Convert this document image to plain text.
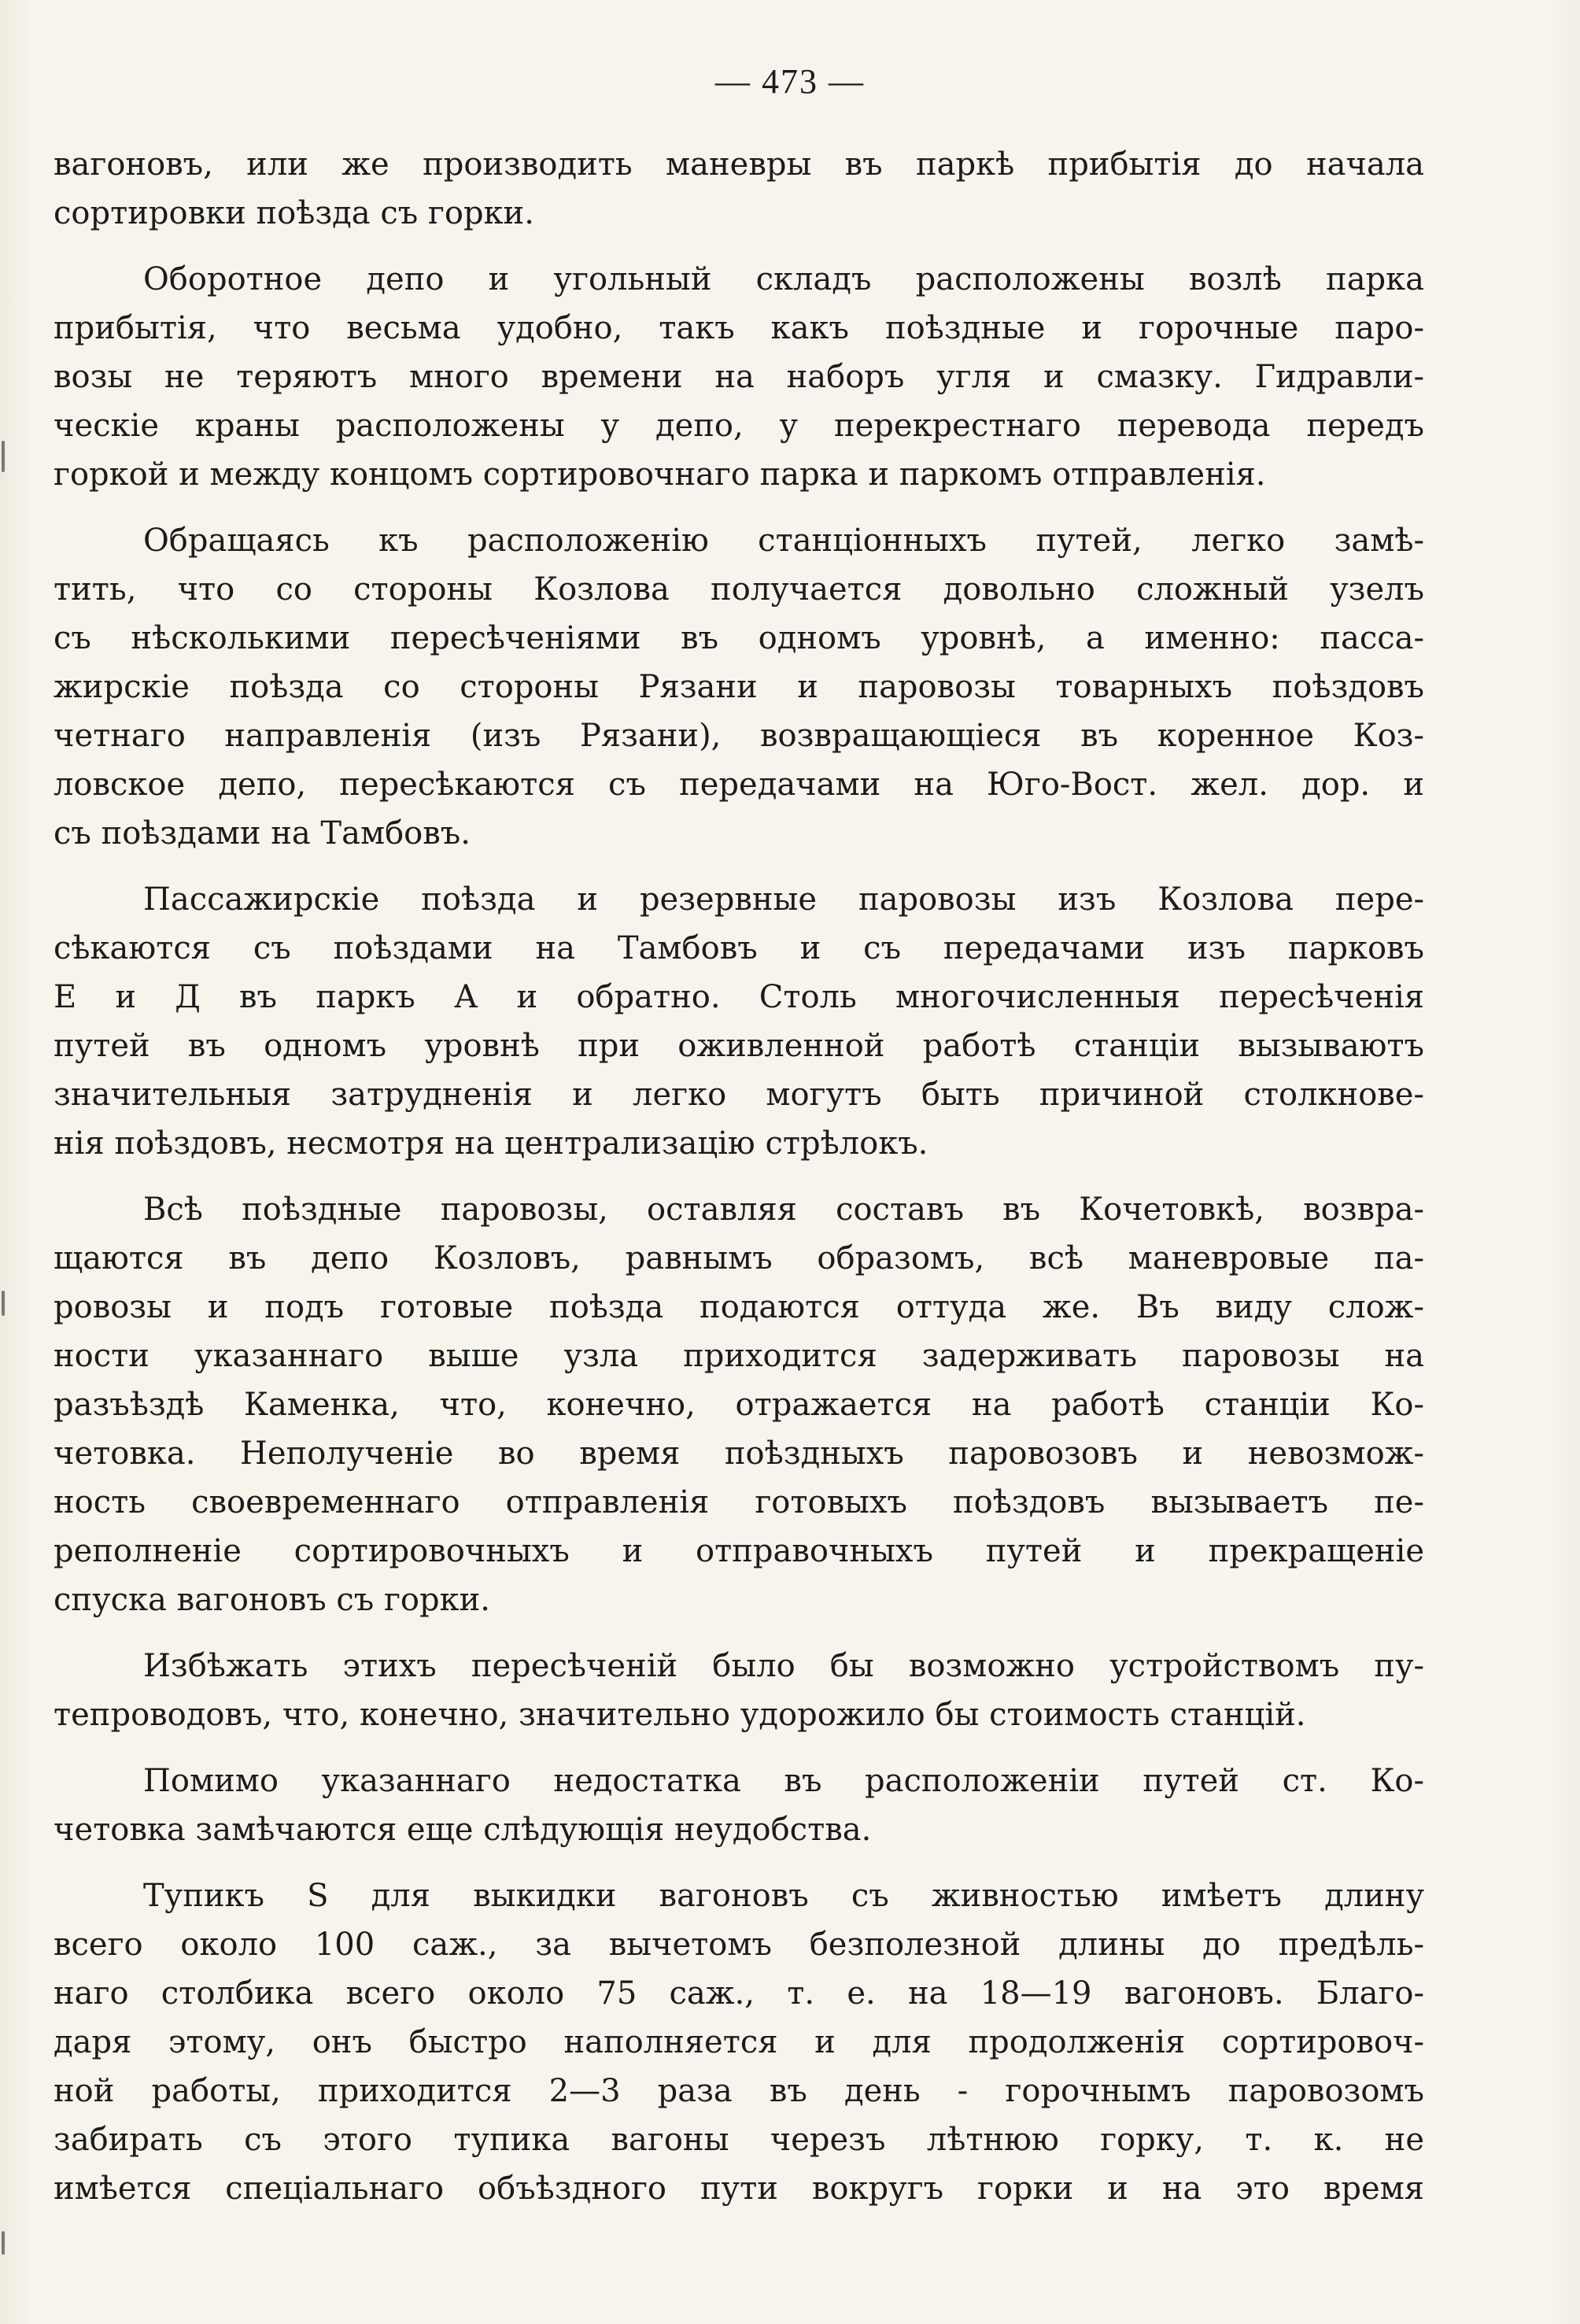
— 473 —
вагоновъ, или же производить маневры въ паркѣ прибытія до начала
сортировки поѣзда съ горки.
Оборотное депо и угольный складъ расположены возлѣ парка
прибытія, что весьма удобно, такъ какъ поѣздные и горочные паро-
возы не теряютъ много времени на наборъ угля и смазку. Гидравли-
ческіе краны расположены у депо, у перекрестнаго перевода передъ
горкой и между концомъ сортировочнаго парка и паркомъ отправленія.
Обращаясь къ расположенію станціонныхъ путей, легко замѣ-
тить, что со стороны Козлова получается довольно сложный узелъ
съ нѣсколькими пересѣченіями въ одномъ уровнѣ, а именно: пасса-
жирскіе поѣзда со стороны Рязани и паровозы товарныхъ поѣздовъ
четнаго направленія (изъ Рязани), возвращающіеся въ коренное Коз-
ловское депо, пересѣкаются съ передачами на Юго-Вост. жел. дор. и
съ поѣздами на Тамбовъ.
Пассажирскіе поѣзда и резервные паровозы изъ Козлова пере-
сѣкаются съ поѣздами на Тамбовъ и съ передачами изъ парковъ
Е и Д въ паркъ А и обратно. Столь многочисленныя пересѣченія
путей въ одномъ уровнѣ при оживленной работѣ станціи вызываютъ
значительныя затрудненія и легко могутъ быть причиной столкнове-
нія поѣздовъ, несмотря на централизацію стрѣлокъ.
Всѣ поѣздные паровозы, оставляя составъ въ Кочетовкѣ, возвра-
щаются въ депо Козловъ, равнымъ образомъ, всѣ маневровые па-
ровозы и подъ готовые поѣзда подаются оттуда же. Въ виду слож-
ности указаннаго выше узла приходится задерживать паровозы на
разъѣздѣ Каменка, что, конечно, отражается на работѣ станціи Ко-
четовка. Неполученіе во время поѣздныхъ паровозовъ и невозмож-
ность своевременнаго отправленія готовыхъ поѣздовъ вызываетъ пе-
реполненіе сортировочныхъ и отправочныхъ путей и прекращеніе
спуска вагоновъ съ горки.
Избѣжать этихъ пересѣченій было бы возможно устройствомъ пу-
тепроводовъ, что, конечно, значительно удорожило бы стоимость станцій.
Помимо указаннаго недостатка въ расположеніи путей ст. Ко-
четовка замѣчаются еще слѣдующія неудобства.
Тупикъ S для выкидки вагоновъ съ живностью имѣетъ длину
всего около 100 саж., за вычетомъ безполезной длины до предѣль-
наго столбика всего около 75 саж., т. е. на 18—19 вагоновъ. Благо-
даря этому, онъ быстро наполняется и для продолженія сортировоч-
ной работы, приходится 2—3 раза въ день - горочнымъ паровозомъ
забирать съ этого тупика вагоны черезъ лѣтнюю горку, т. к. не
имѣется спеціальнаго объѣздного пути вокругъ горки и на это время
